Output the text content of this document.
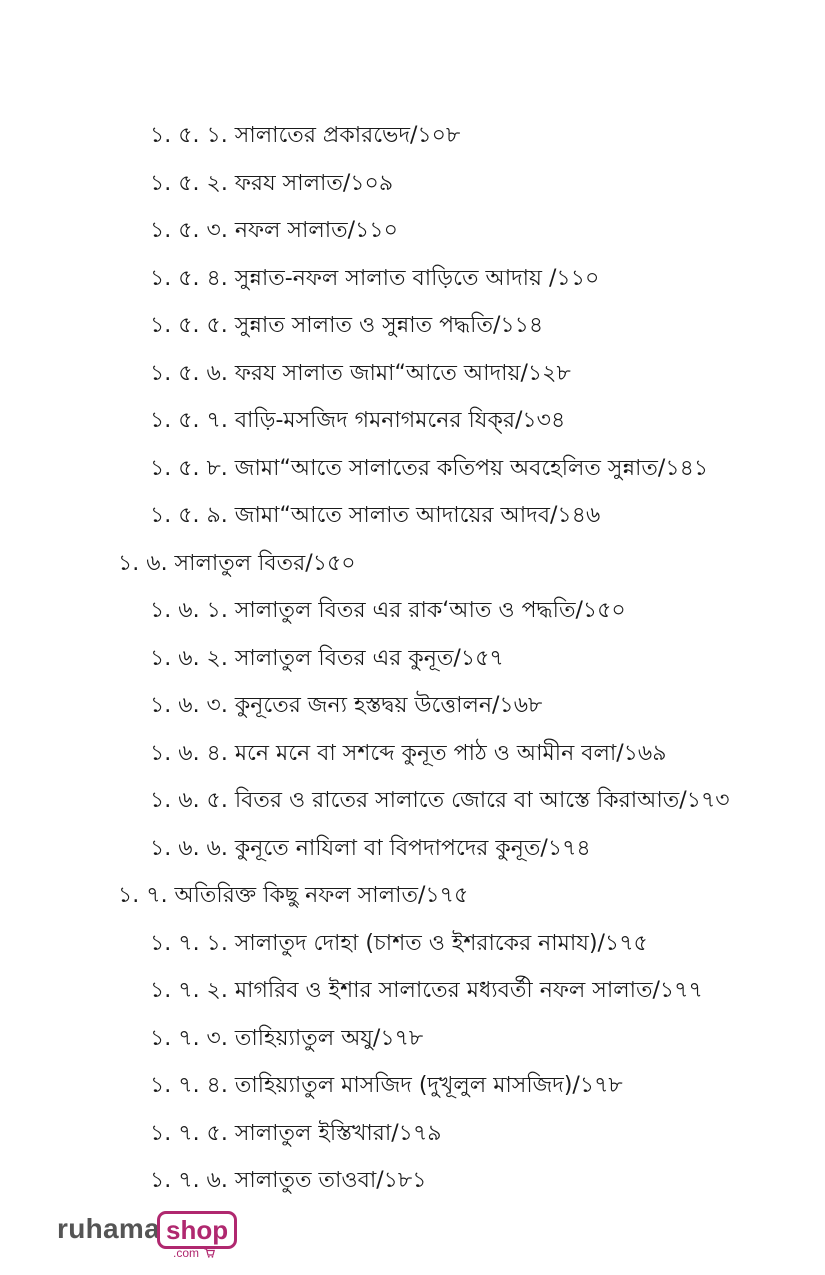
১. ৫. ১. সালাতের প্রকারভেদ/১০৮
১. ৫. ২. ফরয সালাত/১০৯
১. ৫. ৩. নফল সালাত/১১০
১. ৫. ৪. সুন্নাত-নফল সালাত বাড়িতে আদায় /১১০
১. ৫. ৫. সুন্নাত সালাত ও সুন্নাত পদ্ধতি/১১৪
১. ৫. ৬. ফরয সালাত জামা“আতে আদায়/১২৮
১. ৫. ৭. বাড়ি-মসজিদ গমনাগমনের যিক্‌র/১৩৪
১. ৫. ৮. জামা“আতে সালাতের কতিপয় অবহেলিত সুন্নাত/১৪১
১. ৫. ৯. জামা“আতে সালাত আদায়ের আদব/১৪৬
১. ৬. সালাতুল বিতর/১৫০
১. ৬. ১. সালাতুল বিতর এর রাক‘আত ও পদ্ধতি/১৫০
১. ৬. ২. সালাতুল বিতর এর কুনূত/১৫৭
১. ৬. ৩. কুনূতের জন্য হস্তদ্বয় উত্তোলন/১৬৮
১. ৬. ৪. মনে মনে বা সশব্দে কুনূত পাঠ ও আমীন বলা/১৬৯
১. ৬. ৫. বিতর ও রাতের সালাতে জোরে বা আস্তে কিরাআত/১৭৩
১. ৬. ৬. কুনূতে নাযিলা বা বিপদাপদের কুনূত/১৭৪
১. ৭. অতিরিক্ত কিছু নফল সালাত/১৭৫
১. ৭. ১. সালাতুদ দোহা (চাশত ও ইশরাকের নামায)/১৭৫
১. ৭. ২. মাগরিব ও ইশার সালাতের মধ্যবর্তী নফল সালাত/১৭৭
১. ৭. ৩. তাহিয়্যাতুল অযু/১৭৮
১. ৭. ৪. তাহিয়্যাতুল মাসজিদ (দুখূলুল মাসজিদ)/১৭৮
১. ৭. ৫. সালাতুল ইস্তিখারা/১৭৯
১. ৭. ৬. সালাতুত তাওবা/১৮১
ruhama shop
.com
